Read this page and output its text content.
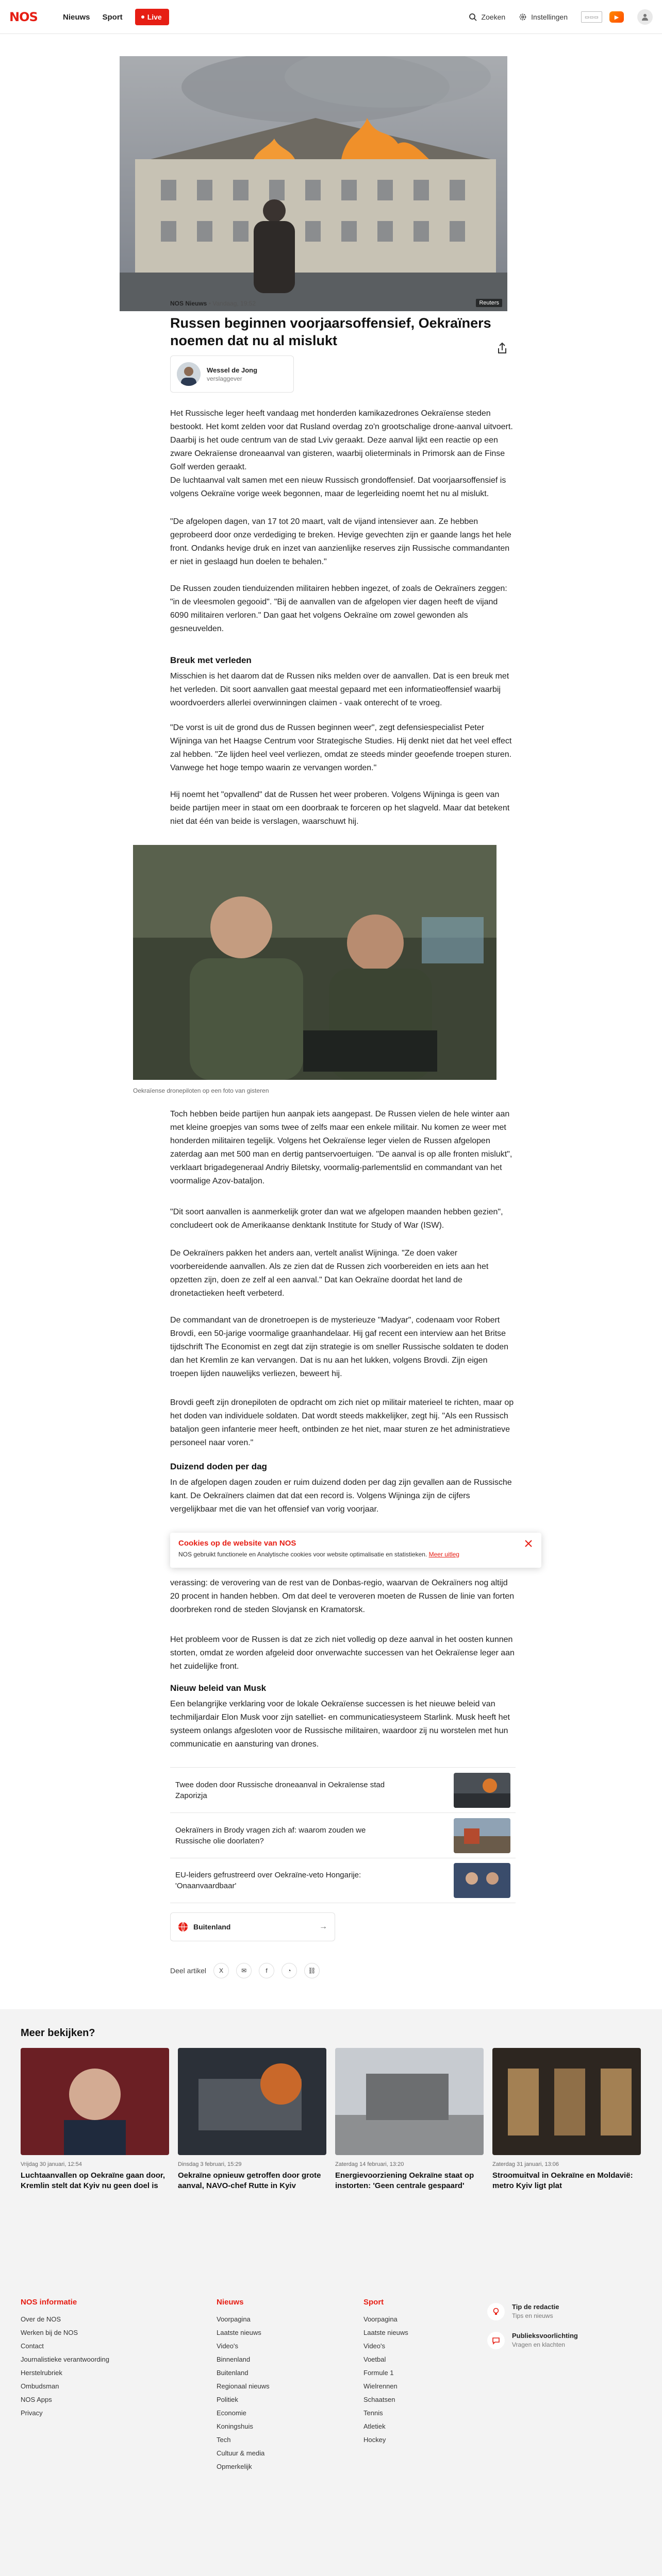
NOS	Nieuws Sport	Live	Zoeken	Instellingen	▭▭▭	▶
Reuters
NOS Nieuws • Vandaag, 19:52
Russen beginnen voorjaarsoffensief, Oekraïners noemen dat nu al mislukt
Wessel de Jong
verslaggever

Het Russische leger heeft vandaag met honderden kamikazedrones Oekraïense steden bestookt. Het komt zelden voor dat Rusland overdag zo'n grootschalige drone-aanval uitvoert. Daarbij is het oude centrum van de stad Lviv geraakt. Deze aanval lijkt een reactie op een zware Oekraïense droneaanval van gisteren, waarbij olieterminals in Primorsk aan de Finse Golf werden geraakt.

De luchtaanval valt samen met een nieuw Russisch grondoffensief. Dat voorjaarsoffensief is volgens Oekraïne vorige week begonnen, maar de legerleiding noemt het nu al mislukt.

"De afgelopen dagen, van 17 tot 20 maart, valt de vijand intensiever aan. Ze hebben geprobeerd door onze verdediging te breken. Hevige gevechten zijn er gaande langs het hele front. Ondanks hevige druk en inzet van aanzienlijke reserves zijn Russische commandanten er niet in geslaagd hun doelen te behalen."

De Russen zouden tienduizenden militairen hebben ingezet, of zoals de Oekraïners zeggen: "in de vleesmolen gegooid". "Bij de aanvallen van de afgelopen vier dagen heeft de vijand 6090 militairen verloren." Dan gaat het volgens Oekraïne om zowel gewonden als gesneuvelden.

Breuk met verleden

Misschien is het daarom dat de Russen niks melden over de aanvallen. Dat is een breuk met het verleden. Dit soort aanvallen gaat meestal gepaard met een informatieoffensief waarbij woordvoerders allerlei overwinningen claimen - vaak onterecht of te vroeg.

"De vorst is uit de grond dus de Russen beginnen weer", zegt defensiespecialist Peter Wijninga van het Haagse Centrum voor Strategische Studies. Hij denkt niet dat het veel effect zal hebben. "Ze lijden heel veel verliezen, omdat ze steeds minder geoefende troepen sturen. Vanwege het hoge tempo waarin ze vervangen worden."

Hij noemt het "opvallend" dat de Russen het weer proberen. Volgens Wijninga is geen van beide partijen meer in staat om een doorbraak te forceren op het slagveld. Maar dat betekent niet dat één van beide is verslagen, waarschuwt hij.

Oekraïense dronepiloten op een foto van gisteren

Toch hebben beide partijen hun aanpak iets aangepast. De Russen vielen de hele winter aan met kleine groepjes van soms twee of zelfs maar een enkele militair. Nu komen ze weer met honderden militairen tegelijk. Volgens het Oekraïense leger vielen de Russen afgelopen zaterdag aan met 500 man en dertig pantservoertuigen. "De aanval is op alle fronten mislukt", verklaart brigadegeneraal Andriy Biletsky, voormalig-parlementslid en commandant van het voormalige Azov-bataljon.

"Dit soort aanvallen is aanmerkelijk groter dan wat we afgelopen maanden hebben gezien", concludeert ook de Amerikaanse denktank Institute for Study of War (ISW).

De Oekraïners pakken het anders aan, vertelt analist Wijninga. "Ze doen vaker voorbereidende aanvallen. Als ze zien dat de Russen zich voorbereiden en iets aan het opzetten zijn, doen ze zelf al een aanval." Dat kan Oekraïne doordat het land de dronetactieken heeft verbeterd.

De commandant van de dronetroepen is de mysterieuze "Madyar", codenaam voor Robert Brovdi, een 50-jarige voormalige graanhandelaar. Hij gaf recent een interview aan het Britse tijdschrift The Economist en zegt dat zijn strategie is om sneller Russische soldaten te doden dan het Kremlin ze kan vervangen. Dat is nu aan het lukken, volgens Brovdi. Zijn eigen troepen lijden nauwelijks verliezen, beweert hij.

Brovdi geeft zijn dronepiloten de opdracht om zich niet op militair materieel te richten, maar op het doden van individuele soldaten. Dat wordt steeds makkelijker, zegt hij. "Als een Russisch bataljon geen infanterie meer heeft, ontbinden ze het niet, maar sturen ze het administratieve personeel naar voren."

Duizend doden per dag

In de afgelopen dagen zouden er ruim duizend doden per dag zijn gevallen aan de Russische kant. De Oekraïners claimen dat dat een record is. Volgens Wijninga zijn de cijfers vergelijkbaar met die van het offensief van vorig voorjaar.

Cookies op de website van NOS
NOS gebruikt functionele en Analytische cookies voor website optimalisatie en statistieken. Meer uitleg

verassing: de verovering van de rest van de Donbas-regio, waarvan de Oekraïners nog altijd 20 procent in handen hebben. Om dat deel te veroveren moeten de Russen de linie van forten doorbreken rond de steden Slovjansk en Kramatorsk.

Het probleem voor de Russen is dat ze zich niet volledig op deze aanval in het oosten kunnen storten, omdat ze worden afgeleid door onverwachte successen van het Oekraïense leger aan het zuidelijke front.

Nieuw beleid van Musk

Een belangrijke verklaring voor de lokale Oekraïense successen is het nieuwe beleid van techmiljardair Elon Musk voor zijn satelliet- en communicatiesysteem Starlink. Musk heeft het systeem onlangs afgesloten voor de Russische militairen, waardoor zij nu worstelen met hun communicatie en aansturing van drones.

Twee doden door Russische droneaanval in Oekraïense stad Zaporizja
Oekraïners in Brody vragen zich af: waarom zouden we Russische olie doorlaten?
EU-leiders gefrustreerd over Oekraïne-veto Hongarije: 'Onaanvaardbaar'
Buitenland	→
Deel artikel	X	✉	f	◔	⛓
Meer bekijken?
Vrijdag 30 januari, 12:54
Luchtaanvallen op Oekraïne gaan door, Kremlin stelt dat Kyiv nu geen doel is
Dinsdag 3 februari, 15:29
Oekraïne opnieuw getroffen door grote aanval, NAVO-chef Rutte in Kyiv
Zaterdag 14 februari, 13:20
Energievoorziening Oekraïne staat op instorten: 'Geen centrale gespaard'
Zaterdag 31 januari, 13:06
Stroomuitval in Oekraïne en Moldavië: metro Kyiv ligt plat
NOS informatie
Over de NOS
Werken bij de NOS
Contact
Journalistieke verantwoording
Herstelrubriek
Ombudsman
NOS Apps
Privacy
Nieuws
Voorpagina
Laatste nieuws
Video's
Binnenland
Buitenland
Regionaal nieuws
Politiek
Economie
Koningshuis
Tech
Cultuur & media
Opmerkelijk
Sport
Voorpagina
Laatste nieuws
Video's
Voetbal
Formule 1
Wielrennen
Schaatsen
Tennis
Atletiek
Hockey
Tip de redactie
Tips en nieuws
Publieksvoorlichting
Vragen en klachten
